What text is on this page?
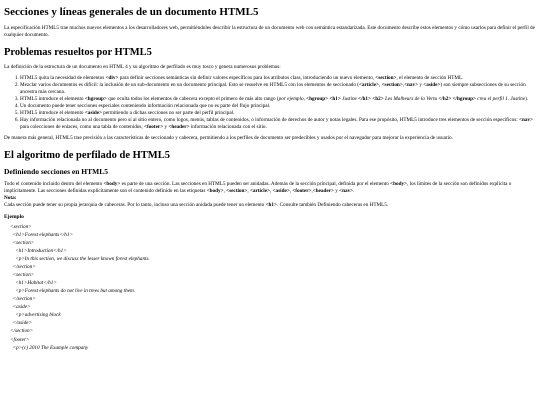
Secciones y líneas generales de un documento HTML5

La especificación HTML5 trae muchos nuevos elementos a los desarrolladores web, permitiéndoles describir la estructura de un documento web con semántica estandarizada. Este documento describe estos elementos y cómo usarlos para definir el perfil de cualquier documento.

Problemas resueltos por HTML5

La definición de la estructura de un documento en HTML 4 y su algoritmo de perfilado es muy tosco y genera numerosos problemas:

1. HTML5 quita la necesidad de elementos <div> para definir secciones semánticas sin definir valores específicos para los atributos class, introduciendo un nuevo elemento, <section>, el elemento de sección HTML.
2. Mezclar varios documentos es difícil: la inclusión de un sub-documento en un documento principal. Esto se resuelve en HTML5 con los elementos de seccionado (<article>, <section>,<nav> y <aside>) son siempre subsecciones de su sección ancestra más cercana.
3. HTML5 introduce el elemento <hgroup> que oculta todos los elementos de cabecera excepto el primero de más alto rango (por ejemplo, <hgroup> <h1> Justine </h1> <h2> Les Malheurs de la Vertu </h2> </hgroup> crea el perfil 1. Justine).
4. Un documento puede tener secciones especiales conteniendo información relacionada que no es parte del flujo principal.
5. HTML5 introduce el elemento <aside> permitiendo a dichas secciones no ser parte del perfil principal.
6. Hay información relacionada no al documento pero sí al sitio entero, como logos, menús, tablas de contenidos, o información de derechos de autor y notas legales. Para ese propósito, HTML5 introduce tres elementos de sección específicos: <nav> para colecciones de enlaces, como una tabla de contenidos, <footer> y <header> información relacionada con el sitio.

De manera más general, HTML5 trae precisión a las características de seccionado y cabecera, permitiendo a los perfiles de documento ser predecibles y usados por el navegador para mejorar la experiencia de usuario.

El algoritmo de perfilado de HTML5
Definiendo secciones en HTML5

Todo el contenido incluido dentro del elemento <body> es parte de una sección. Las secciones en HTML5 pueden ser anidadas. Además de la sección principal, definida por el elemento <body>, los límites de la sección son definidos explícita o implícitamente. Las secciones definidas explícitamente son el contenido definido en las etiquetas <body>, <section>, <article>, <aside>, <footer>,<header> y <nav>.

Nota:

Cada sección puede tener su propia jerarquía de cabeceras. Por lo tanto, incluso una sección anidada puede tener un elemento <h1>. Consulte también Definiendo cabeceras en HTML5.

Ejemplo
<section>
<h1>Forest elephants</h1>
<section>
<h1>Introduction</h1>
<p>In this section, we discuss the lesser known forest elephants.
</section>
<section>
<h1>Habitat</h1>
<p>Forest elephants do not live in trees but among them.
</section>
<aside>
<p>advertising block
</aside>
</section>
<footer>
<p>(c) 2010 The Example company
